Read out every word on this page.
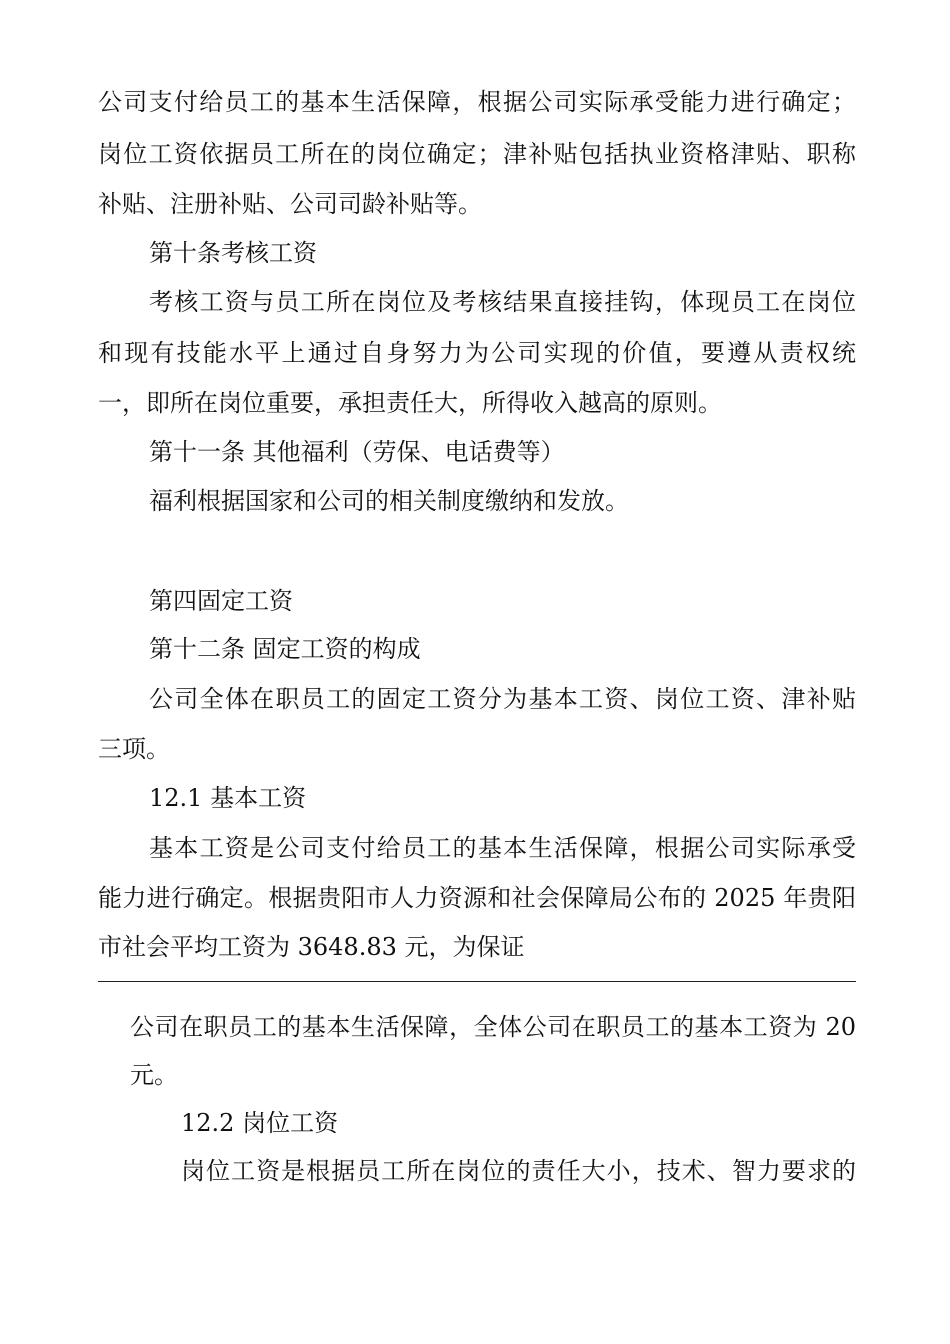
公司支付给员工的基本生活保障，根据公司实际承受能力进行确定；
岗位工资依据员工所在的岗位确定；津补贴包括执业资格津贴、职称
补贴、注册补贴、公司司龄补贴等。
第十条考核工资
考核工资与员工所在岗位及考核结果直接挂钩，体现员工在岗位
和现有技能水平上通过自身努力为公司实现的价值，要遵从责权统
一，即所在岗位重要，承担责任大，所得收入越高的原则。
第十一条 其他福利（劳保、电话费等）
福利根据国家和公司的相关制度缴纳和发放。
第四固定工资
第十二条 固定工资的构成
公司全体在职员工的固定工资分为基本工资、岗位工资、津补贴
三项。
12.1 基本工资
基本工资是公司支付给员工的基本生活保障，根据公司实际承受
能力进行确定。根据贵阳市人力资源和社会保障局公布的 2025 年贵阳
市社会平均工资为 3648.83 元，为保证
公司在职员工的基本生活保障，全体公司在职员工的基本工资为 20
元。
12.2 岗位工资
岗位工资是根据员工所在岗位的责任大小，技术、智力要求的
